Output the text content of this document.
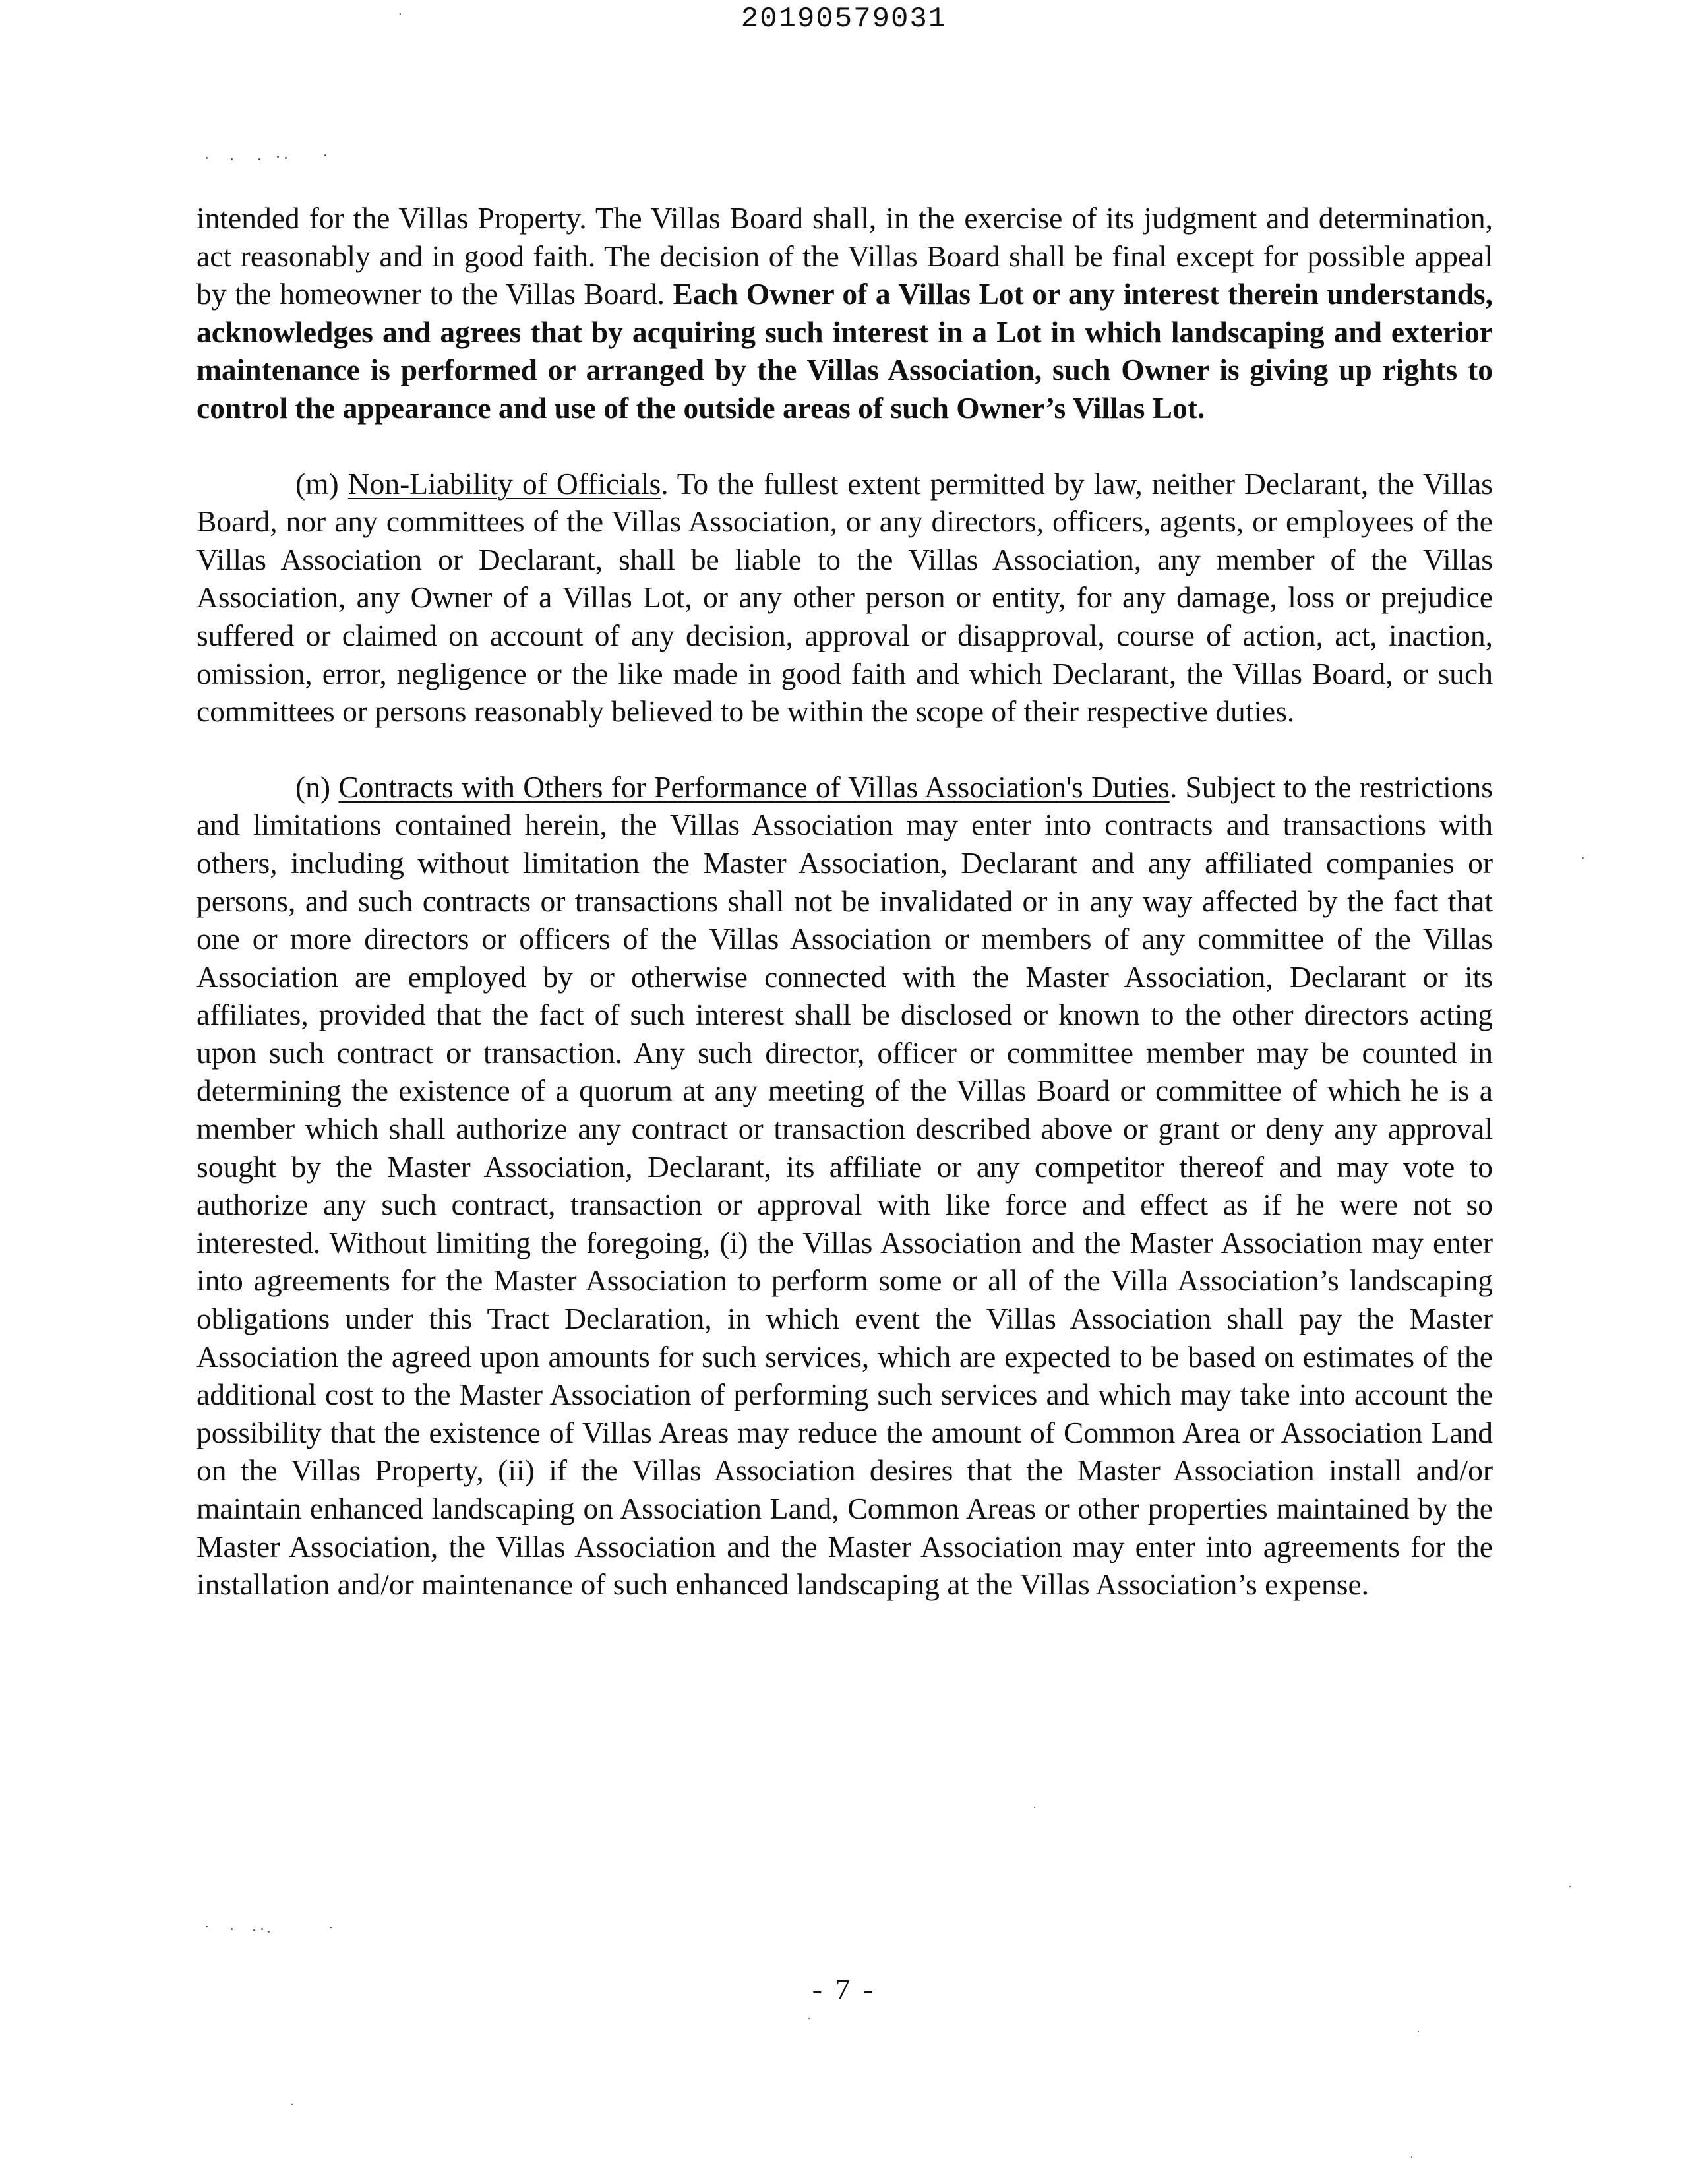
20190579031

intended for the Villas Property. The Villas Board shall, in the exercise of its judgment and determination, act reasonably and in good faith. The decision of the Villas Board shall be final except for possible appeal by the homeowner to the Villas Board. Each Owner of a Villas Lot or any interest therein understands, acknowledges and agrees that by acquiring such interest in a Lot in which landscaping and exterior maintenance is performed or arranged by the Villas Association, such Owner is giving up rights to control the appearance and use of the outside areas of such Owner’s Villas Lot.

(m) Non-Liability of Officials. To the fullest extent permitted by law, neither Declarant, the Villas Board, nor any committees of the Villas Association, or any directors, officers, agents, or employees of the Villas Association or Declarant, shall be liable to the Villas Association, any member of the Villas Association, any Owner of a Villas Lot, or any other person or entity, for any damage, loss or prejudice suffered or claimed on account of any decision, approval or disapproval, course of action, act, inaction, omission, error, negligence or the like made in good faith and which Declarant, the Villas Board, or such committees or persons reasonably believed to be within the scope of their respective duties.

(n) Contracts with Others for Performance of Villas Association's Duties. Subject to the restrictions and limitations contained herein, the Villas Association may enter into contracts and transactions with others, including without limitation the Master Association, Declarant and any affiliated companies or persons, and such contracts or transactions shall not be invalidated or in any way affected by the fact that one or more directors or officers of the Villas Association or members of any committee of the Villas Association are employed by or otherwise connected with the Master Association, Declarant or its affiliates, provided that the fact of such interest shall be disclosed or known to the other directors acting upon such contract or transaction. Any such director, officer or committee member may be counted in determining the existence of a quorum at any meeting of the Villas Board or committee of which he is a member which shall authorize any contract or transaction described above or grant or deny any approval sought by the Master Association, Declarant, its affiliate or any competitor thereof and may vote to authorize any such contract, transaction or approval with like force and effect as if he were not so interested. Without limiting the foregoing, (i) the Villas Association and the Master Association may enter into agreements for the Master Association to perform some or all of the Villa Association’s landscaping obligations under this Tract Declaration, in which event the Villas Association shall pay the Master Association the agreed upon amounts for such services, which are expected to be based on estimates of the additional cost to the Master Association of performing such services and which may take into account the possibility that the existence of Villas Areas may reduce the amount of Common Area or Association Land on the Villas Property, (ii) if the Villas Association desires that the Master Association install and/or maintain enhanced landscaping on Association Land, Common Areas or other properties maintained by the Master Association, the Villas Association and the Master Association may enter into agreements for the installation and/or maintenance of such enhanced landscaping at the Villas Association’s expense.

- 7 -
